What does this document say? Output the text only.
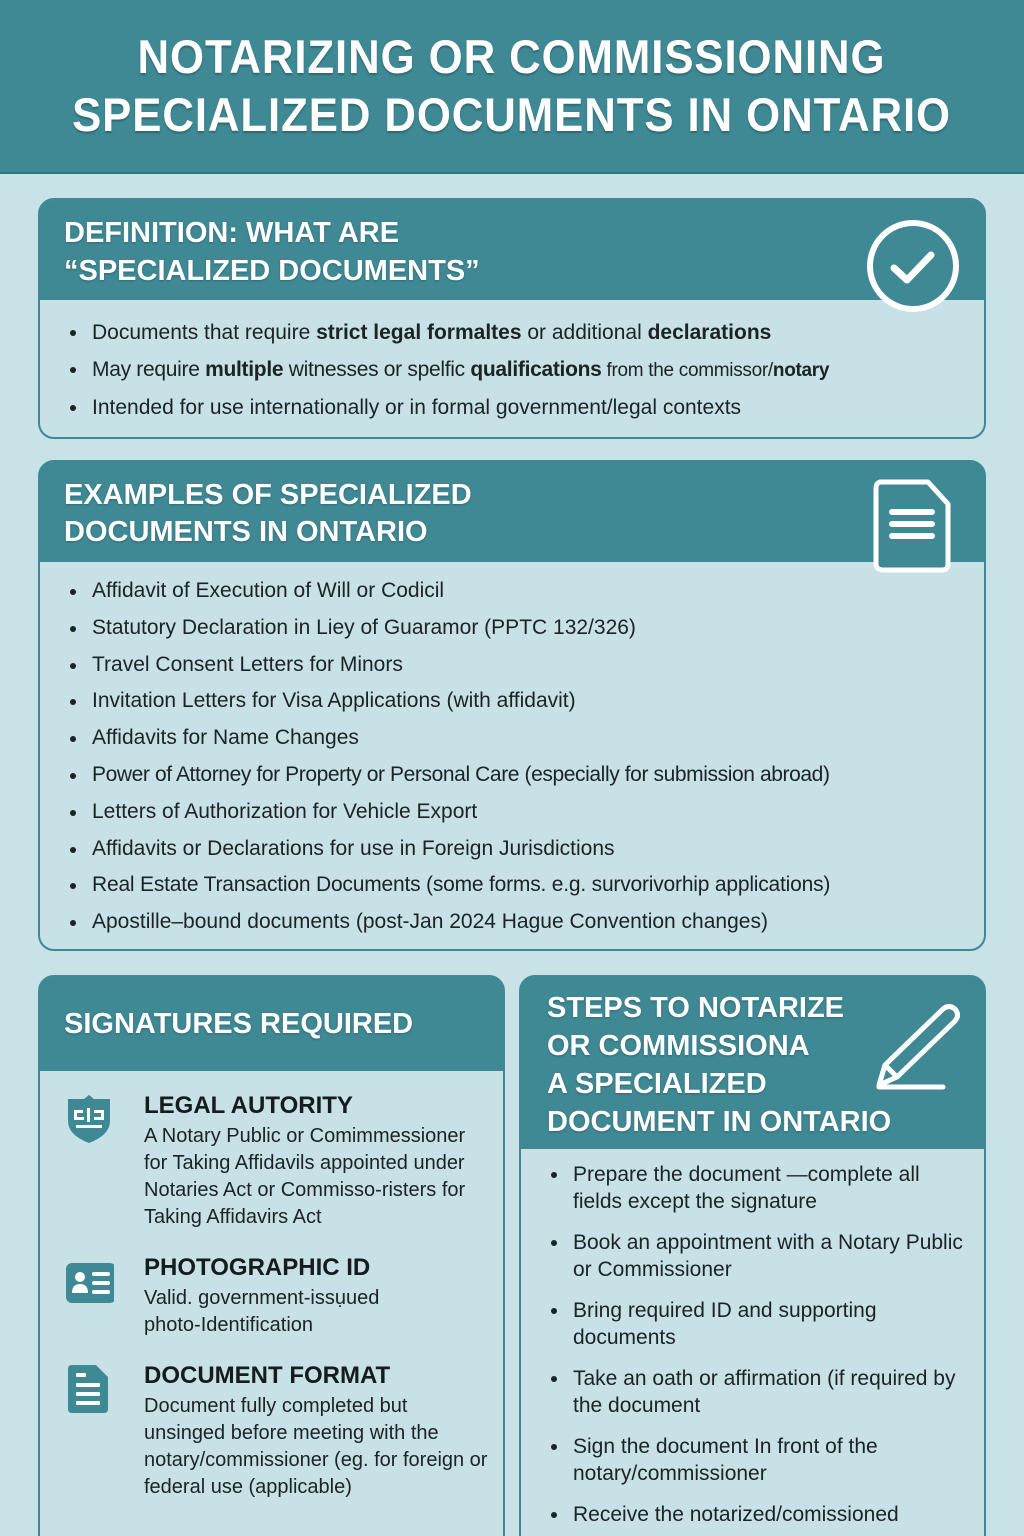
NOTARIZING OR COMMISSIONING
SPECIALIZED DOCUMENTS IN ONTARIO
DEFINITION: WHAT ARE
“SPECIALIZED DOCUMENTS”
Documents that require strict legal formaltes or additional declarations
May require multiple witnesses or spelfic qualifications from the commissor/notary
Intended for use internationally or in formal government/legal contexts
EXAMPLES OF SPECIALIZED
DOCUMENTS IN ONTARIO
Affidavit of Execution of Will or Codicil
Statutory Declaration in Liey of Guaramor (PPTC 132/326)
Travel Consent Letters for Minors
Invitation Letters for Visa Applications (with affidavit)
Affidavits for Name Changes
Power of Attorney for Property or Personal Care (especially for submission abroad)
Letters of Authorization for Vehicle Export
Affidavits or Declarations for use in Foreign Jurisdictions
Real Estate Transaction Documents (some forms. e.g. survorivorhip applications)
Apostille–bound documents (post-Jan 2024 Hague Convention changes)
SIGNATURES REQUIRED
LEGAL AUTORITY
A Notary Public or Comimmessioner for Taking Affidavils appointed under Notaries Act or Commisso-risters for Taking Affidavirs Act
PHOTOGRAPHIC ID
Valid. government-issụued photo-Identification
DOCUMENT FORMAT
Document fully completed but unsinged before meeting with the notary/commissioner (eg. for foreign or federal use (applicable)
STEPS TO NOTARIZE
OR COMMISSIONA
A SPECIALIZED
DOCUMENT IN ONTARIO
Prepare the document —complete all fields except the signature
Book an appointment with a Notary Public or Commissioner
Bring required ID and supporting documents
Take an oath or affirmation (if required by the document
Sign the document In front of the notary/commissioner
Receive the notarized/comissioned
